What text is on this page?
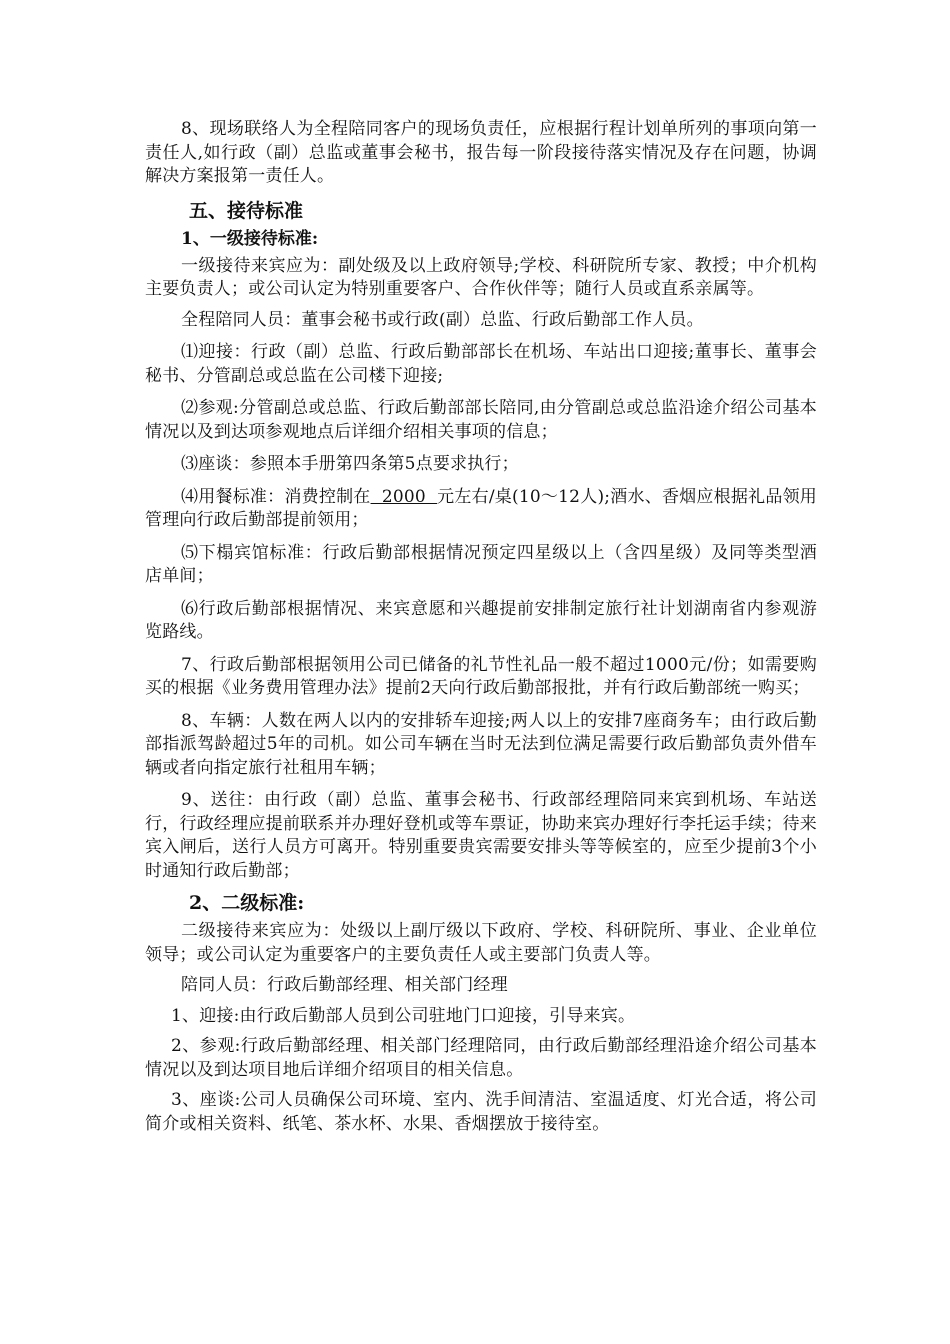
8、现场联络人为全程陪同客户的现场负责任，应根据行程计划单所列的事项向第一责任人,如行政（副）总监或董事会秘书，报告每一阶段接待落实情况及存在问题，协调解决方案报第一责任人。

五、接待标准
1、一级接待标准:

一级接待来宾应为：副处级及以上政府领导;学校、科研院所专家、教授；中介机构主要负责人；或公司认定为特别重要客户、合作伙伴等；随行人员或直系亲属等。

全程陪同人员：董事会秘书或行政(副）总监、行政后勤部工作人员。

⑴迎接：行政（副）总监、行政后勤部部长在机场、车站出口迎接;董事长、董事会秘书、分管副总或总监在公司楼下迎接;

⑵参观:分管副总或总监、行政后勤部部长陪同,由分管副总或总监沿途介绍公司基本情况以及到达项参观地点后详细介绍相关事项的信息；

⑶座谈：参照本手册第四条第5点要求执行；

⑷用餐标准：消费控制在  2000  元左右/桌(10～12人);酒水、香烟应根据礼品领用管理向行政后勤部提前领用；

⑸下榻宾馆标准：行政后勤部根据情况预定四星级以上（含四星级）及同等类型酒店单间；

⑹行政后勤部根据情况、来宾意愿和兴趣提前安排制定旅行社计划湖南省内参观游览路线。

7、行政后勤部根据领用公司已储备的礼节性礼品一般不超过1000元/份；如需要购买的根据《业务费用管理办法》提前2天向行政后勤部报批，并有行政后勤部统一购买；

8、车辆：人数在两人以内的安排轿车迎接;两人以上的安排7座商务车；由行政后勤部指派驾龄超过5年的司机。如公司车辆在当时无法到位满足需要行政后勤部负责外借车辆或者向指定旅行社租用车辆；

9、送往：由行政（副）总监、董事会秘书、行政部经理陪同来宾到机场、车站送行，行政经理应提前联系并办理好登机或等车票证，协助来宾办理好行李托运手续；待来宾入闸后，送行人员方可离开。特别重要贵宾需要安排头等等候室的，应至少提前3个小时通知行政后勤部；

2、二级标准:

二级接待来宾应为：处级以上副厅级以下政府、学校、科研院所、事业、企业单位领导；或公司认定为重要客户的主要负责任人或主要部门负责人等。

陪同人员：行政后勤部经理、相关部门经理

1、迎接:由行政后勤部人员到公司驻地门口迎接，引导来宾。

2、参观:行政后勤部经理、相关部门经理陪同，由行政后勤部经理沿途介绍公司基本情况以及到达项目地后详细介绍项目的相关信息。

3、座谈:公司人员确保公司环境、室内、洗手间清洁、室温适度、灯光合适，将公司简介或相关资料、纸笔、茶水杯、水果、香烟摆放于接待室。
